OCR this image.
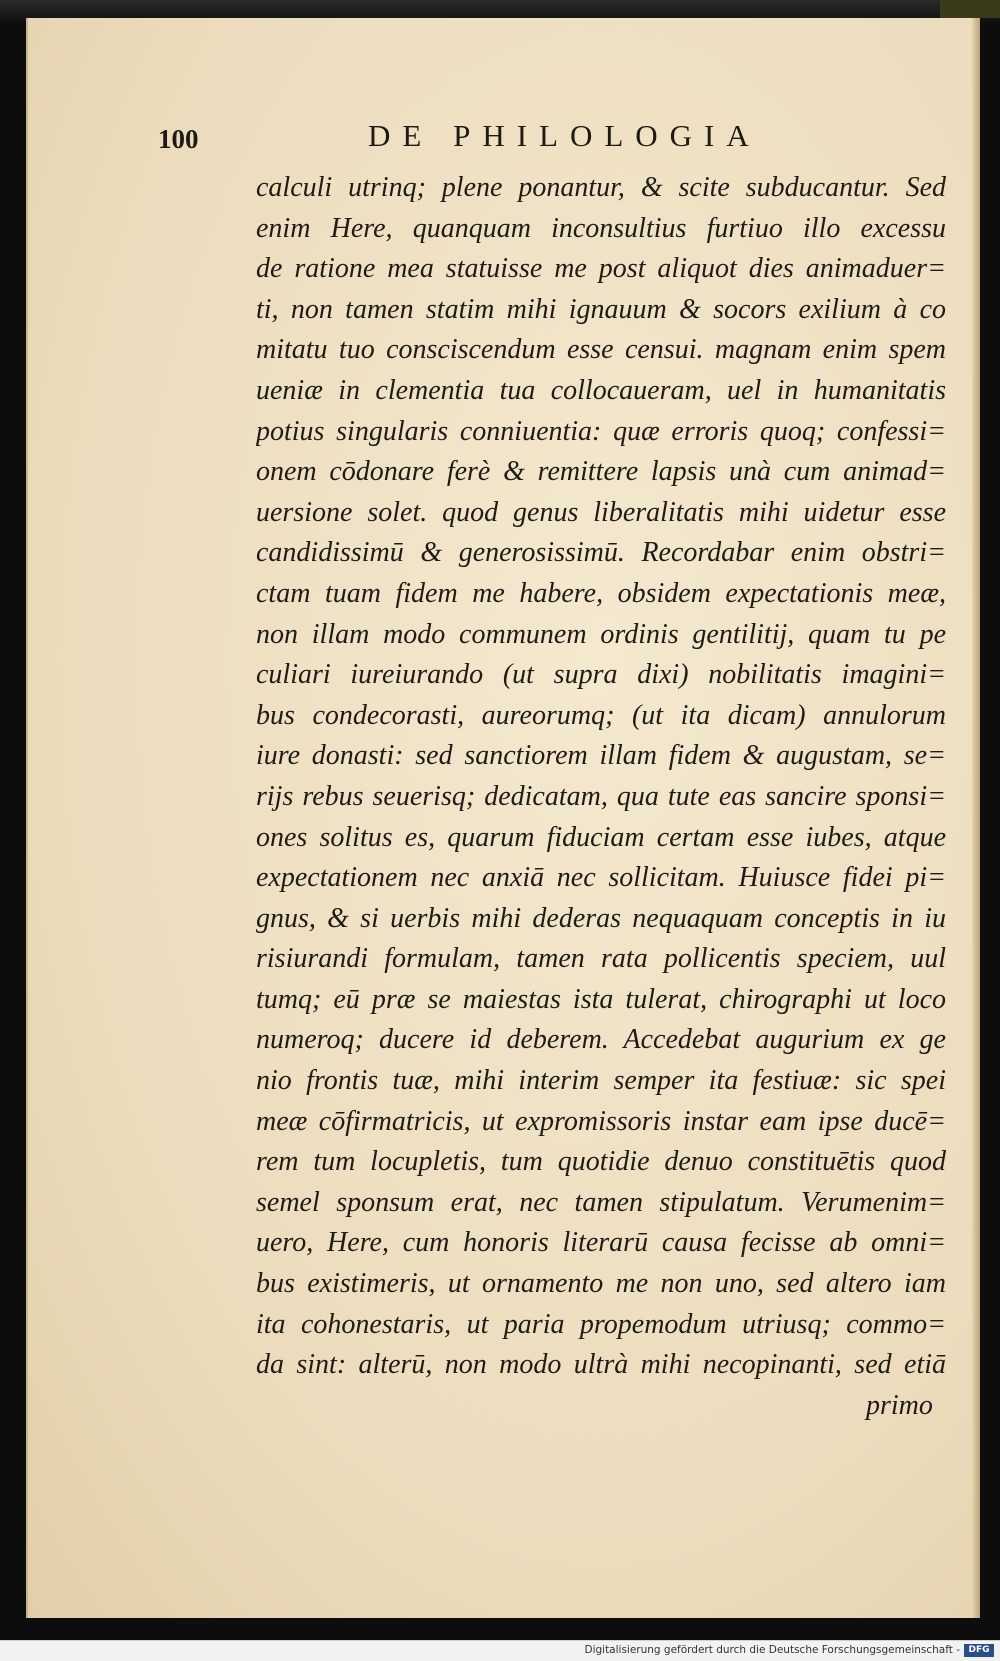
100	DE PHILOLOGIA
calculi utrinq; plene ponantur, & scite subducantur. Sed
enim Here, quanquam inconsultius furtiuo illo excessu
de ratione mea statuisse me post aliquot dies animaduer=
ti, non tamen statim mihi ignauum & socors exilium à co
mitatu tuo consciscendum esse censui. magnam enim spem
ueniæ in clementia tua collocaueram, uel in humanitatis
potius singularis conniuentia: quæ erroris quoq; confessi=
onem cōdonare ferè & remittere lapsis unà cum animad=
uersione solet. quod genus liberalitatis mihi uidetur esse
candidissimū & generosissimū. Recordabar enim obstri=
ctam tuam fidem me habere, obsidem expectationis meæ,
non illam modo communem ordinis gentilitij, quam tu pe
culiari iureiurando (ut supra dixi) nobilitatis imagini=
bus condecorasti, aureorumq; (ut ita dicam) annulorum
iure donasti: sed sanctiorem illam fidem & augustam, se=
rijs rebus seuerisq; dedicatam, qua tute eas sancire sponsi=
ones solitus es, quarum fiduciam certam esse iubes, atque
expectationem nec anxiā nec sollicitam. Huiusce fidei pi=
gnus, & si uerbis mihi dederas nequaquam conceptis in iu
risiurandi formulam, tamen rata pollicentis speciem, uul
tumq; eū præ se maiestas ista tulerat, chirographi ut loco
numeroq; ducere id deberem. Accedebat augurium ex ge
nio frontis tuæ, mihi interim semper ita festiuæ: sic spei
meæ cōfirmatricis, ut expromissoris instar eam ipse ducē=
rem tum locupletis, tum quotidie denuo constituētis quod
semel sponsum erat, nec tamen stipulatum. Verumenim=
uero, Here, cum honoris literarū causa fecisse ab omni=
bus existimeris, ut ornamento me non uno, sed altero iam
ita cohonestaris, ut paria propemodum utriusq; commo=
da sint: alterū, non modo ultrà mihi necopinanti, sed etiā
primo
Digitalisierung gefördert durch die Deutsche Forschungsgemeinschaft - DFG
